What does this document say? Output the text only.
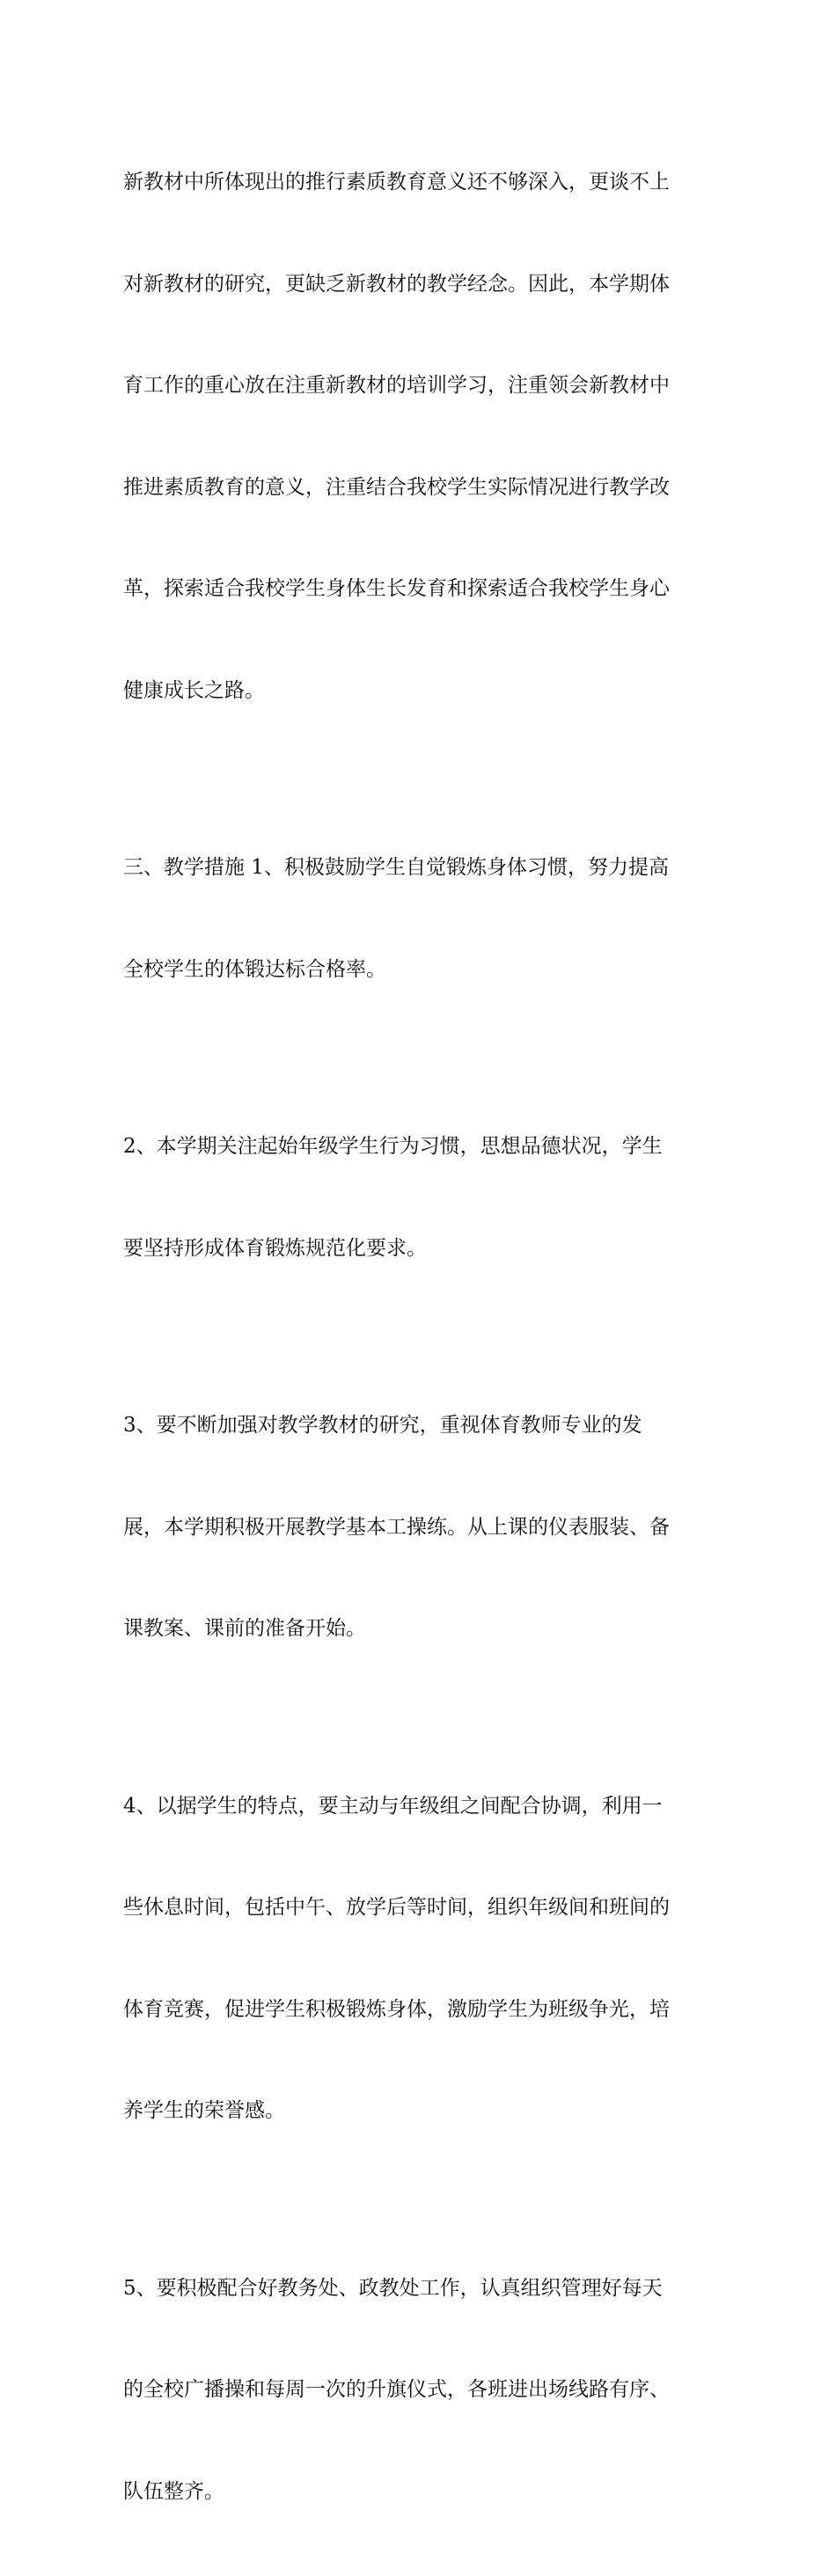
新教材中所体现出的推行素质教育意义还不够深入，更谈不上

对新教材的研究，更缺乏新教材的教学经念。因此，本学期体

育工作的重心放在注重新教材的培训学习，注重领会新教材中

推进素质教育的意义，注重结合我校学生实际情况进行教学改

革，探索适合我校学生身体生长发育和探索适合我校学生身心

健康成长之路。

三、教学措施 1、积极鼓励学生自觉锻炼身体习惯，努力提高

全校学生的体锻达标合格率。

2、本学期关注起始年级学生行为习惯，思想品德状况，学生

要坚持形成体育锻炼规范化要求。

3、要不断加强对教学教材的研究，重视体育教师专业的发

展，本学期积极开展教学基本工操练。从上课的仪表服装、备

课教案、课前的准备开始。

4、以据学生的特点，要主动与年级组之间配合协调，利用一

些休息时间，包括中午、放学后等时间，组织年级间和班间的

体育竞赛，促进学生积极锻炼身体，激励学生为班级争光，培

养学生的荣誉感。

5、要积极配合好教务处、政教处工作，认真组织管理好每天

的全校广播操和每周一次的升旗仪式，各班进出场线路有序、

队伍整齐。
